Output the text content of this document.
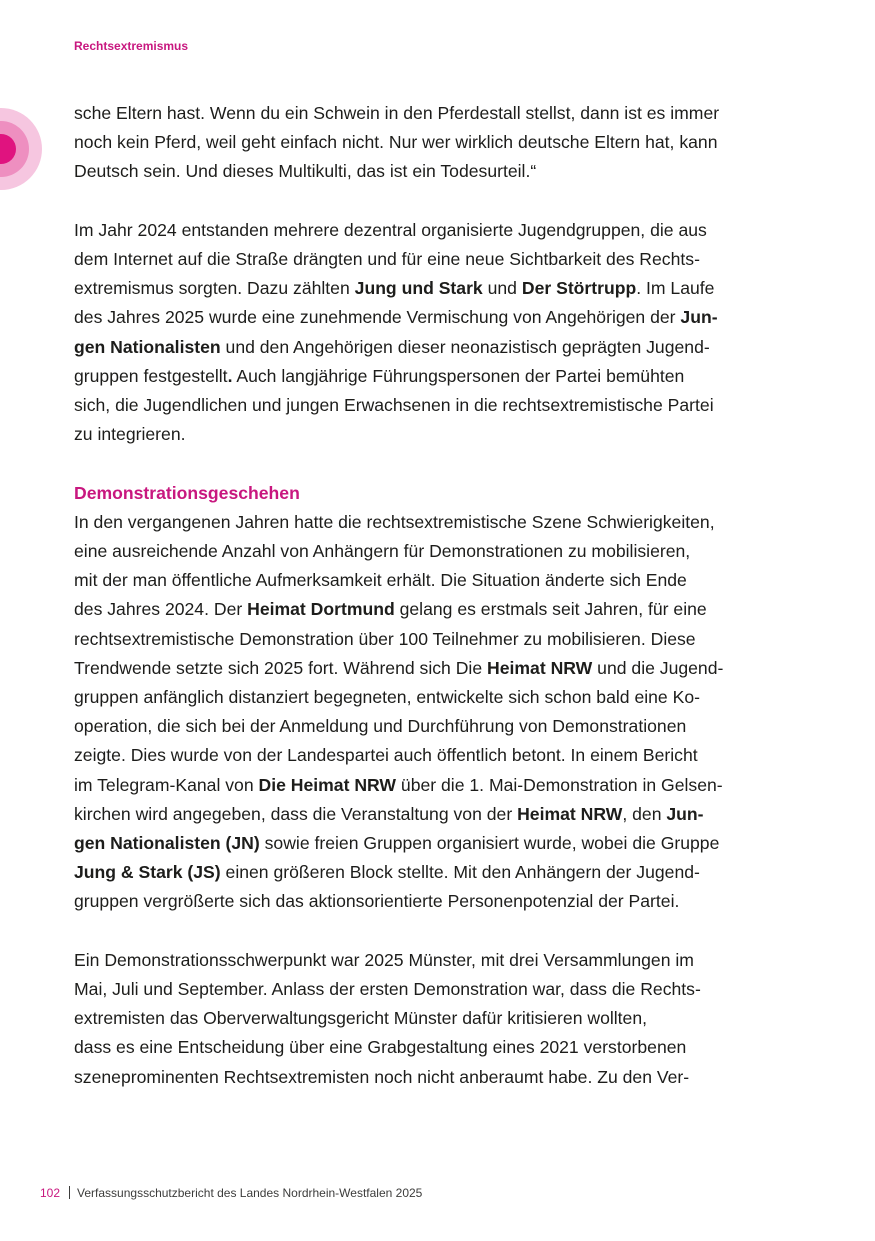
Rechtsextremismus

sche Eltern hast. Wenn du ein Schwein in den Pferdestall stellst, dann ist es immer
noch kein Pferd, weil geht einfach nicht. Nur wer wirklich deutsche Eltern hat, kann
Deutsch sein. Und dieses Multikulti, das ist ein Todesurteil.“

Im Jahr 2024 entstanden mehrere dezentral organisierte Jugendgruppen, die aus
dem Internet auf die Straße drängten und für eine neue Sichtbarkeit des Rechts-
extremismus sorgten. Dazu zählten Jung und Stark und Der Störtrupp. Im Laufe
des Jahres 2025 wurde eine zunehmende Vermischung von Angehörigen der Jun-
gen Nationalisten und den Angehörigen dieser neonazistisch geprägten Jugend-
gruppen festgestellt. Auch langjährige Führungspersonen der Partei bemühten
sich, die Jugendlichen und jungen Erwachsenen in die rechtsextremistische Partei
zu integrieren.

Demonstrationsgeschehen

In den vergangenen Jahren hatte die rechtsextremistische Szene Schwierigkeiten,
eine ausreichende Anzahl von Anhängern für Demonstrationen zu mobilisieren,
mit der man öffentliche Aufmerksamkeit erhält. Die Situation änderte sich Ende
des Jahres 2024. Der Heimat Dortmund gelang es erstmals seit Jahren, für eine
rechtsextremistische Demonstration über 100 Teilnehmer zu mobilisieren. Diese
Trendwende setzte sich 2025 fort. Während sich Die Heimat NRW und die Jugend-
gruppen anfänglich distanziert begegneten, entwickelte sich schon bald eine Ko-
operation, die sich bei der Anmeldung und Durchführung von Demonstrationen
zeigte. Dies wurde von der Landespartei auch öffentlich betont. In einem Bericht
im Telegram-Kanal von Die Heimat NRW über die 1. Mai-Demonstration in Gelsen-
kirchen wird angegeben, dass die Veranstaltung von der Heimat NRW, den Jun-
gen Nationalisten (JN) sowie freien Gruppen organisiert wurde, wobei die Gruppe
Jung & Stark (JS) einen größeren Block stellte. Mit den Anhängern der Jugend-
gruppen vergrößerte sich das aktionsorientierte Personenpotenzial der Partei.

Ein Demonstrationsschwerpunkt war 2025 Münster, mit drei Versammlungen im
Mai, Juli und September. Anlass der ersten Demonstration war, dass die Rechts-
extremisten das Oberverwaltungsgericht Münster dafür kritisieren wollten,
dass es eine Entscheidung über eine Grabgestaltung eines 2021 verstorbenen
szeneprominenten Rechtsextremisten noch nicht anberaumt habe. Zu den Ver-

102 Verfassungsschutzbericht des Landes Nordrhein-Westfalen 2025
